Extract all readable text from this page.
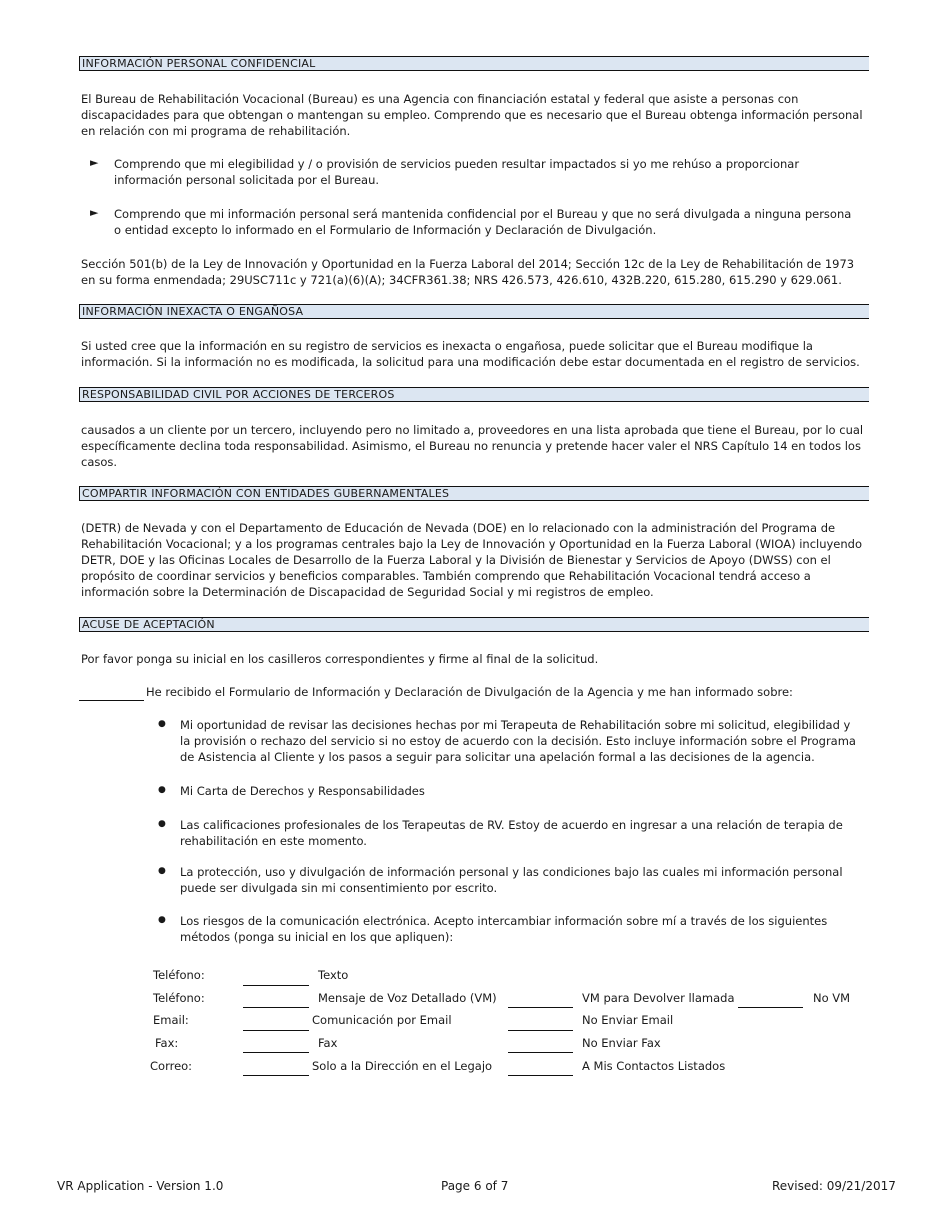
INFORMACIÓN PERSONAL CONFIDENCIAL

El Bureau de Rehabilitación Vocacional (Bureau) es una Agencia con financiación estatal y federal que asiste a personas con discapacidades para que obtengan o mantengan su empleo. Comprendo que es necesario que el Bureau obtenga información personal en relación con mi programa de rehabilitación.

► Comprendo que mi elegibilidad y / o provisión de servicios pueden resultar impactados si yo me rehúso a proporcionar información personal solicitada por el Bureau.

► Comprendo que mi información personal será mantenida confidencial por el Bureau y que no será divulgada a ninguna persona o entidad excepto lo informado en el Formulario de Información y Declaración de Divulgación.

Sección 501(b) de la Ley de Innovación y Oportunidad en la Fuerza Laboral del 2014; Sección 12c de la Ley de Rehabilitación de 1973 en su forma enmendada; 29USC711c y 721(a)(6)(A); 34CFR361.38; NRS 426.573, 426.610, 432B.220, 615.280, 615.290 y 629.061.

INFORMACIÓN INEXACTA O ENGAÑOSA

Si usted cree que la información en su registro de servicios es inexacta o engañosa, puede solicitar que el Bureau modifique la información. Si la información no es modificada, la solicitud para una modificación debe estar documentada en el registro de servicios.

RESPONSABILIDAD CIVIL POR ACCIONES DE TERCEROS

causados a un cliente por un tercero, incluyendo pero no limitado a, proveedores en una lista aprobada que tiene el Bureau, por lo cual específicamente declina toda responsabilidad. Asimismo, el Bureau no renuncia y pretende hacer valer el NRS Capítulo 14 en todos los casos.

COMPARTIR INFORMACIÓN CON ENTIDADES GUBERNAMENTALES

(DETR) de Nevada y con el Departamento de Educación de Nevada (DOE) en lo relacionado con la administración del Programa de Rehabilitación Vocacional; y a los programas centrales bajo la Ley de Innovación y Oportunidad en la Fuerza Laboral (WIOA) incluyendo DETR, DOE y las Oficinas Locales de Desarrollo de la Fuerza Laboral y la División de Bienestar y Servicios de Apoyo (DWSS) con el propósito de coordinar servicios y beneficios comparables. También comprendo que Rehabilitación Vocacional tendrá acceso a información sobre la Determinación de Discapacidad de Seguridad Social y mi registros de empleo.

ACUSE DE ACEPTACIÓN

Por favor ponga su inicial en los casilleros correspondientes y firme al final de la solicitud.

He recibido el Formulario de Información y Declaración de Divulgación de la Agencia y me han informado sobre:
● Mi oportunidad de revisar las decisiones hechas por mi Terapeuta de Rehabilitación sobre mi solicitud, elegibilidad y la provisión o rechazo del servicio si no estoy de acuerdo con la decisión. Esto incluye información sobre el Programa de Asistencia al Cliente y los pasos a seguir para solicitar una apelación formal a las decisiones de la agencia.

● Mi Carta de Derechos y Responsabilidades

● Las calificaciones profesionales de los Terapeutas de RV. Estoy de acuerdo en ingresar a una relación de terapia de rehabilitación en este momento.

● La protección, uso y divulgación de información personal y las condiciones bajo las cuales mi información personal puede ser divulgada sin mi consentimiento por escrito.

● Los riesgos de la comunicación electrónica. Acepto intercambiar información sobre mí a través de los siguientes métodos (ponga su inicial en los que apliquen):

Teléfono:	Texto
Teléfono:	Mensaje de Voz Detallado (VM)	VM para Devolver llamada	No VM
Email:	Comunicación por Email	No Enviar Email
Fax:	Fax	No Enviar Fax
Correo:	Solo a la Dirección en el Legajo	A Mis Contactos Listados
VR Application - Version 1.0	Page 6 of 7	Revised: 09/21/2017
